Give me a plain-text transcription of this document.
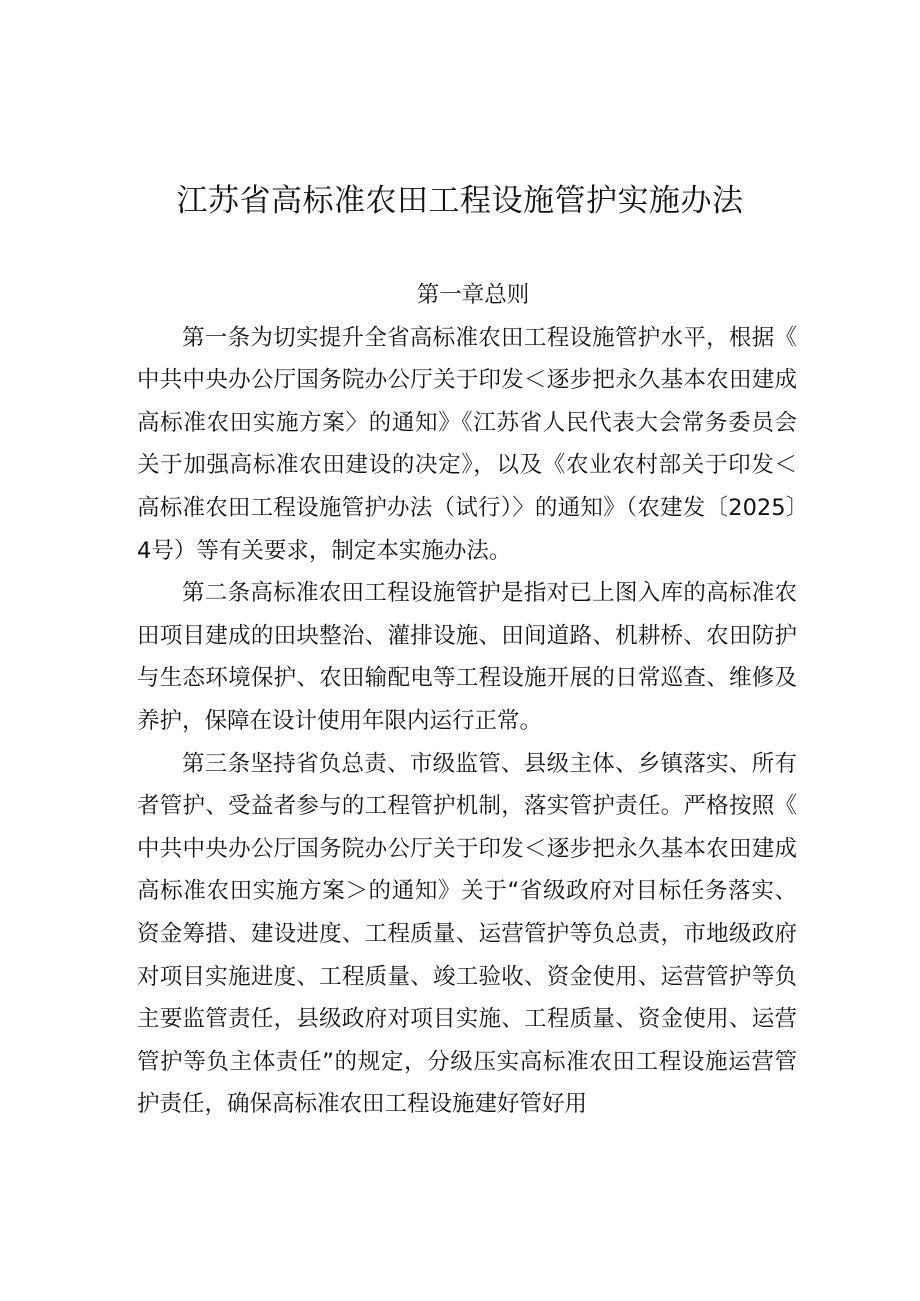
江苏省高标准农田工程设施管护实施办法
第一章总则

第一条为切实提升全省高标准农田工程设施管护水平，根据《中共中央办公厅国务院办公厅关于印发＜逐步把永久基本农田建成高标准农田实施方案〉的通知》《江苏省人民代表大会常务委员会关于加强高标准农田建设的决定》，以及《农业农村部关于印发＜高标准农田工程设施管护办法（试行）〉的通知》（农建发〔2025〕4号）等有关要求，制定本实施办法。

第二条高标准农田工程设施管护是指对已上图入库的高标准农田项目建成的田块整治、灌排设施、田间道路、机耕桥、农田防护与生态环境保护、农田输配电等工程设施开展的日常巡查、维修及养护，保障在设计使用年限内运行正常。

第三条坚持省负总责、市级监管、县级主体、乡镇落实、所有者管护、受益者参与的工程管护机制，落实管护责任。严格按照《中共中央办公厅国务院办公厅关于印发＜逐步把永久基本农田建成高标准农田实施方案＞的通知》关于“省级政府对目标任务落实、资金筹措、建设进度、工程质量、运营管护等负总责，市地级政府对项目实施进度、工程质量、竣工验收、资金使用、运营管护等负主要监管责任，县级政府对项目实施、工程质量、资金使用、运营管护等负主体责任”的规定，分级压实高标准农田工程设施运营管护责任，确保高标准农田工程设施建好管好用
